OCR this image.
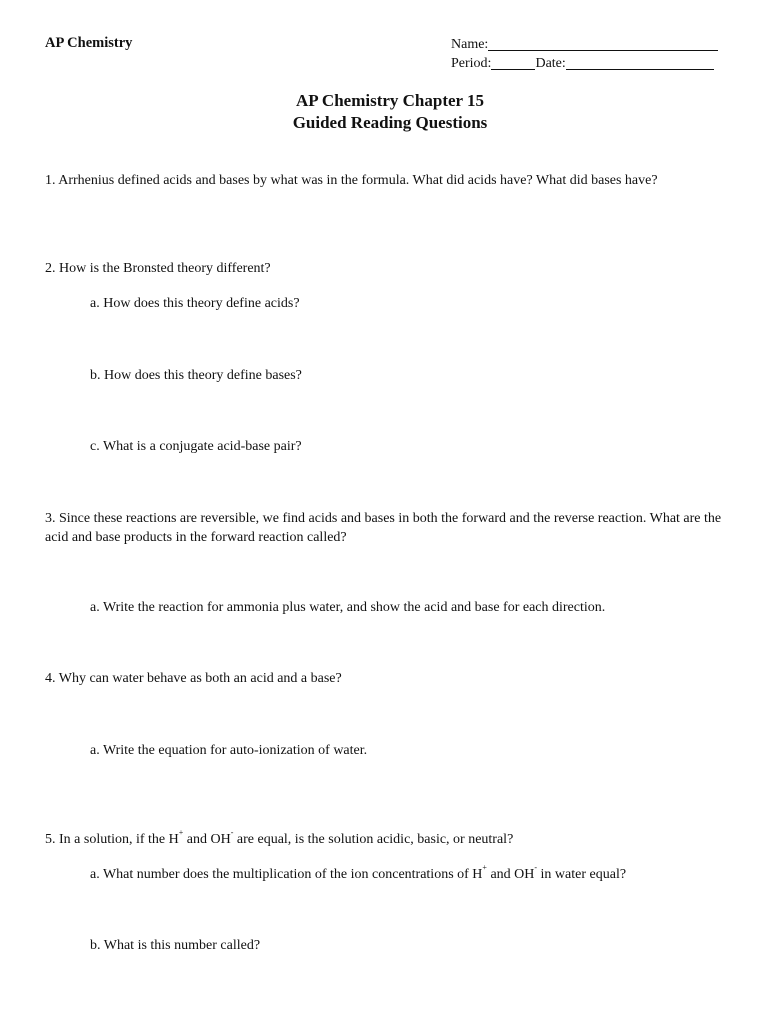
AP Chemistry	Name:
Period:	Date:
AP Chemistry Chapter 15
Guided Reading Questions
1. Arrhenius defined acids and bases by what was in the formula. What did acids have? What did bases have?
2. How is the Bronsted theory different?
a. How does this theory define acids?
b. How does this theory define bases?
c. What is a conjugate acid-base pair?
3. Since these reactions are reversible, we find acids and bases in both the forward and the reverse reaction. What are the acid and base products in the forward reaction called?
a. Write the reaction for ammonia plus water, and show the acid and base for each direction.
4. Why can water behave as both an acid and a base?
a. Write the equation for auto-ionization of water.
5. In a solution, if the H+ and OH- are equal, is the solution acidic, basic, or neutral?
a. What number does the multiplication of the ion concentrations of H+ and OH- in water equal?
b. What is this number called?
